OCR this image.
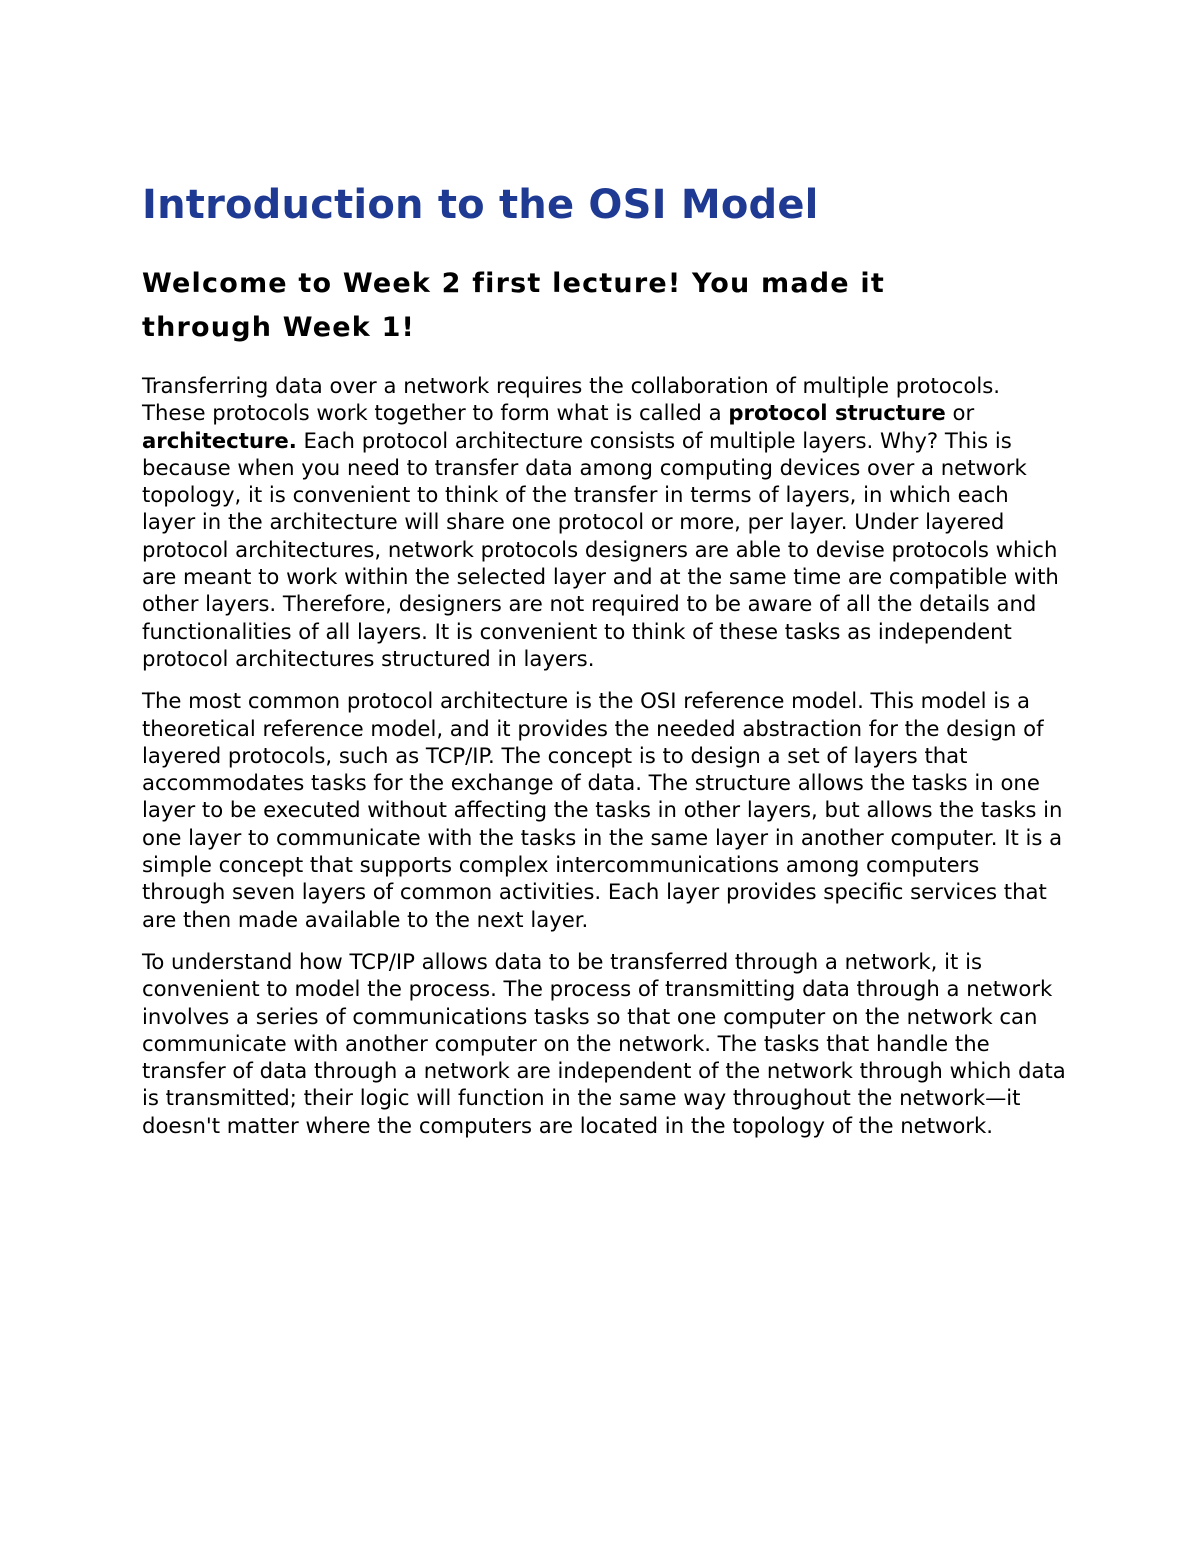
Introduction to the OSI Model
Welcome to Week 2 first lecture! You made it through Week 1!

Transferring data over a network requires the collaboration of multiple protocols. These protocols work together to form what is called a protocol structure or architecture. Each protocol architecture consists of multiple layers. Why? This is because when you need to transfer data among computing devices over a network topology, it is convenient to think of the transfer in terms of layers, in which each layer in the architecture will share one protocol or more, per layer. Under layered protocol architectures, network protocols designers are able to devise protocols which are meant to work within the selected layer and at the same time are compatible with other layers. Therefore, designers are not required to be aware of all the details and functionalities of all layers. It is convenient to think of these tasks as independent protocol architectures structured in layers.

The most common protocol architecture is the OSI reference model. This model is a theoretical reference model, and it provides the needed abstraction for the design of layered protocols, such as TCP/IP. The concept is to design a set of layers that accommodates tasks for the exchange of data. The structure allows the tasks in one layer to be executed without affecting the tasks in other layers, but allows the tasks in one layer to communicate with the tasks in the same layer in another computer. It is a simple concept that supports complex intercommunications among computers through seven layers of common activities. Each layer provides specific services that are then made available to the next layer.

To understand how TCP/IP allows data to be transferred through a network, it is convenient to model the process. The process of transmitting data through a network involves a series of communications tasks so that one computer on the network can communicate with another computer on the network. The tasks that handle the transfer of data through a network are independent of the network through which data is transmitted; their logic will function in the same way throughout the network—it doesn't matter where the computers are located in the topology of the network.
